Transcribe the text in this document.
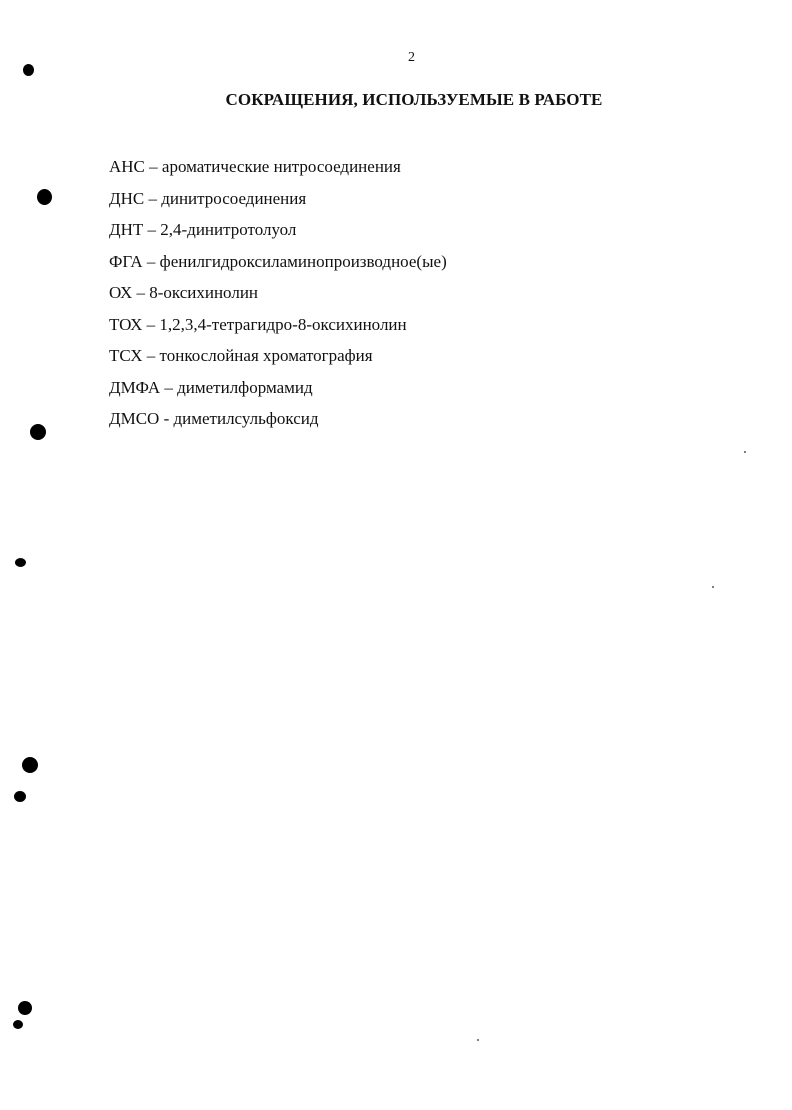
2
СОКРАЩЕНИЯ, ИСПОЛЬЗУЕМЫЕ В РАБОТЕ
АНС – ароматические нитросоединения
ДНС – динитросоединения
ДНТ – 2,4-динитротолуол
ФГА – фенилгидроксиламинопроизводное(ые)
ОХ – 8-оксихинолин
ТОХ – 1,2,3,4-тетрагидро-8-оксихинолин
ТСХ – тонкослойная хроматография
ДМФА – диметилформамид
ДМСО - диметилсульфоксид
